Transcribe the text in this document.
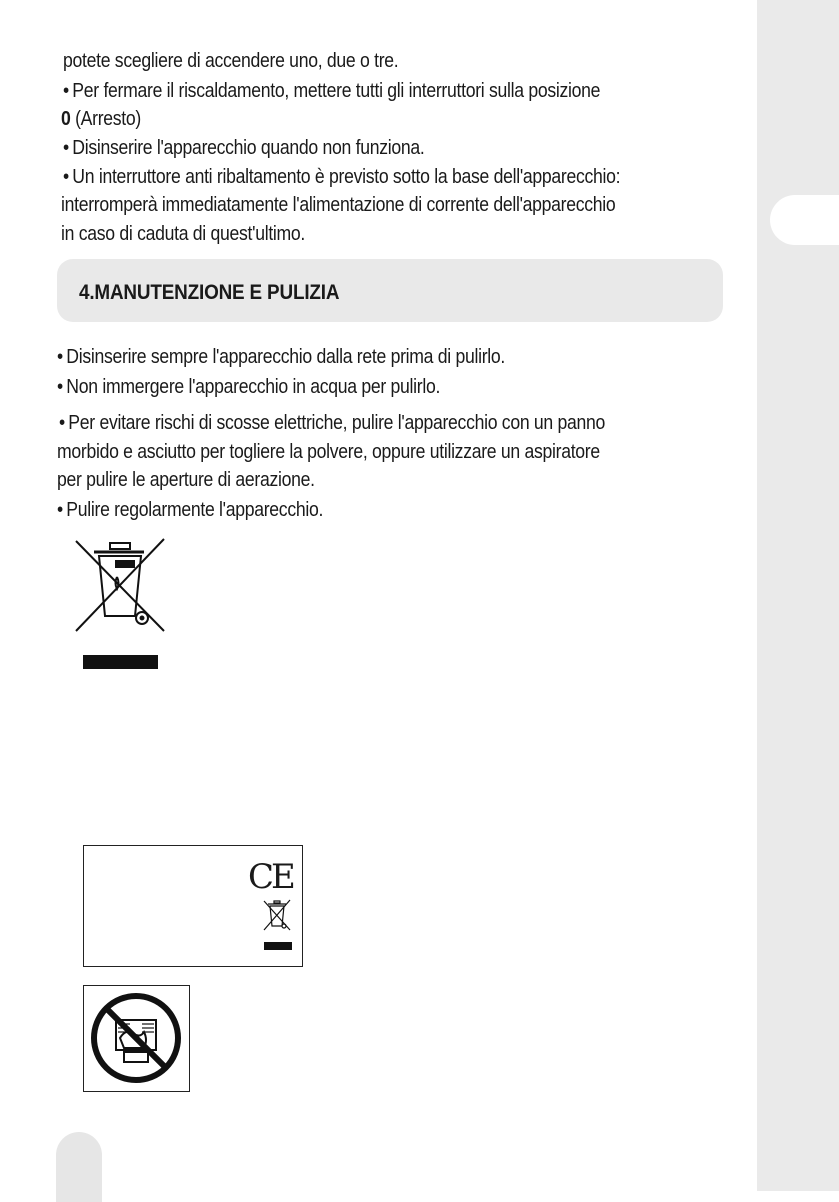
potete scegliere di accendere uno, due o tre.
• Per fermare il riscaldamento, mettere tutti gli interruttori sulla posizione
0 (Arresto)
• Disinserire l'apparecchio quando non funziona.
• Un interruttore anti ribaltamento è previsto sotto la base dell'apparecchio:
interromperà immediatamente l'alimentazione di corrente dell'apparecchio
in caso di caduta di quest'ultimo.
4.MANUTENZIONE E PULIZIA
• Disinserire sempre l'apparecchio dalla rete prima di pulirlo.
• Non immergere l'apparecchio in acqua per pulirlo.
• Per evitare rischi di scosse elettriche, pulire l'apparecchio con un panno
morbido e asciutto per togliere la polvere, oppure utilizzare un aspiratore
per pulire le aperture di aerazione.
• Pulire regolarmente l'apparecchio.
CE
